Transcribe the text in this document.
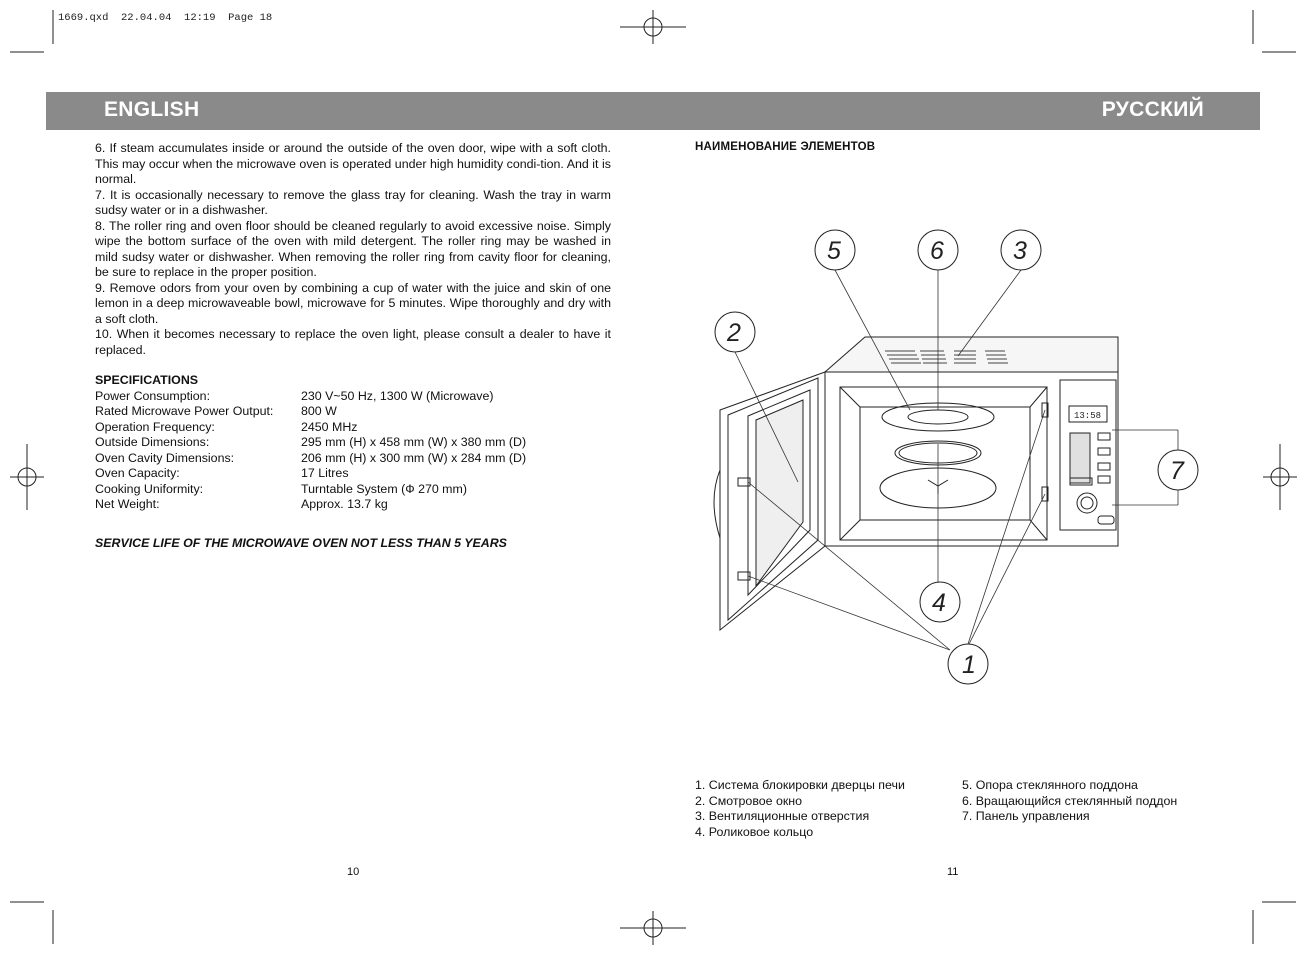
1669.qxd  22.04.04  12:19  Page 18
ENGLISH	РУССКИЙ

6. If steam accumulates inside or around the outside of the oven door, wipe with a soft cloth. This may occur when the microwave oven is operated under high humidity condi-tion. And it is normal.

7. It is occasionally necessary to remove the glass tray for cleaning. Wash the tray in warm sudsy water or in a dishwasher.

8. The roller ring and oven floor should be cleaned regularly to avoid excessive noise. Simply wipe the bottom surface of the oven with mild detergent. The roller ring may be washed in mild sudsy water or dishwasher. When removing the roller ring from cavity floor for cleaning, be sure to replace in the proper position.

9. Remove odors from your oven by combining a cup of water with the juice and skin of one lemon in a deep microwaveable bowl, microwave for 5 minutes. Wipe thoroughly and dry with a soft cloth.

10. When it becomes necessary to replace the oven light, please consult a dealer to have it replaced.

SPECIFICATIONS
Power Consumption:	230 V~50 Hz, 1300 W (Microwave)
Rated Microwave Power Output:	800 W
Operation Frequency:	2450 MHz
Outside Dimensions:	295 mm (H) x 458 mm (W) x 380 mm (D)
Oven Cavity Dimensions:	206 mm (H) x 300 mm (W) x 284 mm (D)
Oven Capacity:	17 Litres
Cooking Uniformity:	Turntable System (Ф 270 mm)
Net Weight:	Approx. 13.7 kg
SERVICE LIFE OF THE MICROWAVE OVEN NOT LESS THAN 5 YEARS
10
НАИМЕНОВАНИЕ ЭЛЕМЕНТОВ
13:58
5	6	3
2
7
4
1
1. Система блокировки дверцы печи
2. Смотровое окно
3. Вентиляционные отверстия
4. Роликовое кольцо
5. Опора стеклянного поддона
6. Вращающийся стеклянный поддон
7. Панель управления
11
